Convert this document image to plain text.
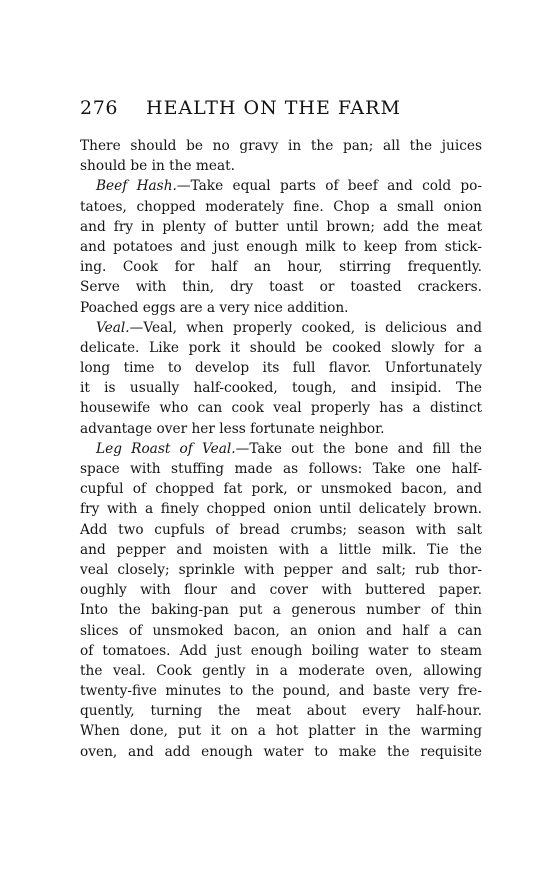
276 HEALTH ON THE FARM
There should be no gravy in the pan; all the juices
should be in the meat.
Beef Hash.—Take equal parts of beef and cold po-
tatoes, chopped moderately fine. Chop a small onion
and fry in plenty of butter until brown; add the meat
and potatoes and just enough milk to keep from stick-
ing. Cook for half an hour, stirring frequently.
Serve with thin, dry toast or toasted crackers.
Poached eggs are a very nice addition.
Veal.—Veal, when properly cooked, is delicious and
delicate. Like pork it should be cooked slowly for a
long time to develop its full flavor. Unfortunately
it is usually half-cooked, tough, and insipid. The
housewife who can cook veal properly has a distinct
advantage over her less fortunate neighbor.
Leg Roast of Veal.—Take out the bone and fill the
space with stuffing made as follows: Take one half-
cupful of chopped fat pork, or unsmoked bacon, and
fry with a finely chopped onion until delicately brown.
Add two cupfuls of bread crumbs; season with salt
and pepper and moisten with a little milk. Tie the
veal closely; sprinkle with pepper and salt; rub thor-
oughly with flour and cover with buttered paper.
Into the baking-pan put a generous number of thin
slices of unsmoked bacon, an onion and half a can
of tomatoes. Add just enough boiling water to steam
the veal. Cook gently in a moderate oven, allowing
twenty-five minutes to the pound, and baste very fre-
quently, turning the meat about every half-hour.
When done, put it on a hot platter in the warming
oven, and add enough water to make the requisite
